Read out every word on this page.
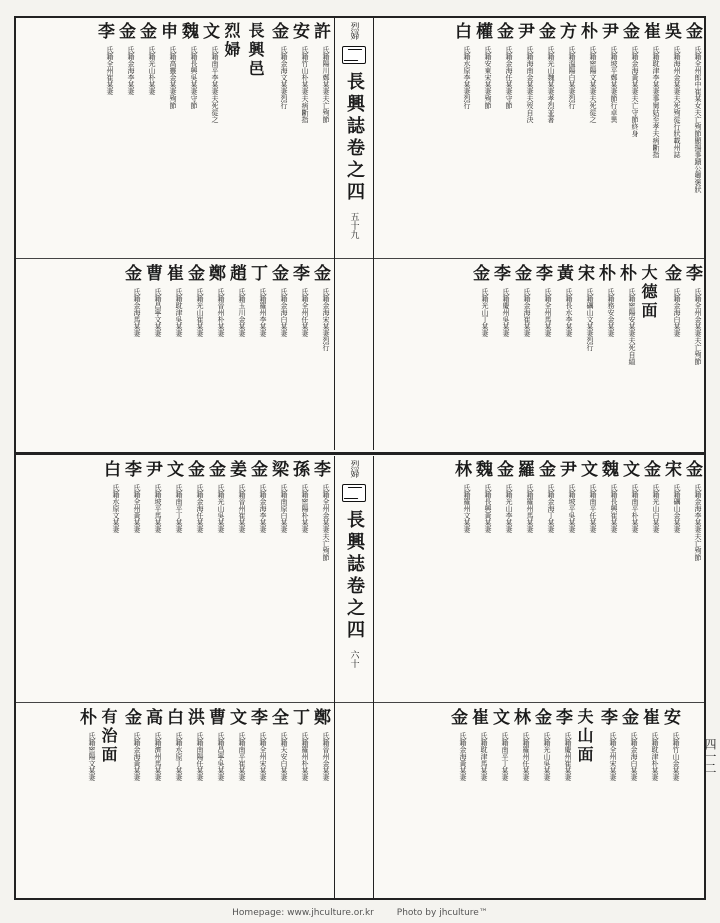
金
氏籍全州郎中崔某女夫亡殉節顯揚事蹟公卿褒狀
吳
氏籍海州金某妻夫死殉從行狀載州誌
崔
氏籍耽津李某妻事舅姑至孝夫病斷指
金
氏籍金海黃某妻夫亡守節終身
尹
氏籍坡平鄭某妻節行卓異
朴
氏籍密陽文某妻夫死從之
方
氏籍溫陽白某妻烈行
金
氏籍光山魏某妻孝烈並著
尹
氏籍海南金某妻夫歿自決
金
氏籍金海任某妻守節
權
氏籍安東宋某妻殉節
白
氏籍水原李某妻烈行
李
氏籍全州金某妻夫亡殉節
金
氏籍金海白某妻
大德面
朴
氏籍密陽安某妻夫死自縊
朴
氏籍務安金某妻
宋
氏籍礪山文某妻烈行
黃
氏籍長水李某妻
李
氏籍全州馬某妻
金
氏籍金海崔某妻
李
氏籍慶州吳某妻
金
氏籍光山丁某妻
烈婦
長興誌卷之四
五十九
許
氏籍陽川鄭某妻夫亡殉節
安
氏籍竹山朴某妻夫病斷指
金
氏籍金海文某妻烈行
長興邑
烈婦
文
氏籍南平李某妻夫死從之
魏
氏籍長興吳某妻守節
申
氏籍高靈金某妻殉節
金
氏籍光山朴某妻
金
氏籍金海李某妻
李
氏籍全州崔某妻
金
氏籍金海宋某妻烈行
李
氏籍全州任某妻
金
氏籍金海白某妻
丁
氏籍羅州李某妻
趙
氏籍玉川金某妻
鄭
氏籍晉州朴某妻
金
氏籍光山崔某妻
崔
氏籍耽津吳某妻
曹
氏籍昌寧文某妻
金
氏籍金海馬某妻
金
氏籍金海李某妻夫亡殉節
宋
氏籍礪山金某妻
金
氏籍光山白某妻
文
氏籍南平朴某妻
魏
氏籍長興崔某妻
文
氏籍南平任某妻
尹
氏籍坡平吳某妻
金
氏籍金海丁某妻
羅
氏籍羅州馬某妻
金
氏籍光山李某妻
魏
氏籍長興黃某妻
林
氏籍羅州文某妻
安
氏籍竹山金某妻
崔
氏籍耽津朴某妻
金
氏籍金海白某妻
李
氏籍全州宋某妻
夫山面
李
氏籍慶州崔某妻
金
氏籍光山吳某妻
林
氏籍羅州任某妻
文
氏籍南平丁某妻
崔
氏籍耽津馬某妻
金
氏籍金海黃某妻
烈婦
長興誌卷之四
六十
李
氏籍全州金某妻夫亡殉節
孫
氏籍密陽朴某妻
梁
氏籍南原白某妻
金
氏籍金海李某妻
姜
氏籍晉州崔某妻
金
氏籍光山吳某妻
金
氏籍金海任某妻
文
氏籍南平丁某妻
尹
氏籍坡平馬某妻
李
氏籍全州黃某妻
白
氏籍水原文某妻
鄭
氏籍晉州金某妻
丁
氏籍羅州朴某妻
全
氏籍天安白某妻
李
氏籍全州宋某妻
文
氏籍南平崔某妻
曹
氏籍昌寧吳某妻
洪
氏籍南陽任某妻
白
氏籍水原丁某妻
高
氏籍濟州馬某妻
金
氏籍金海黃某妻
有治面
朴
氏籍密陽文某妻	四一二
Homepage: www.jhculture.or.kr	Photo by jhculture™
